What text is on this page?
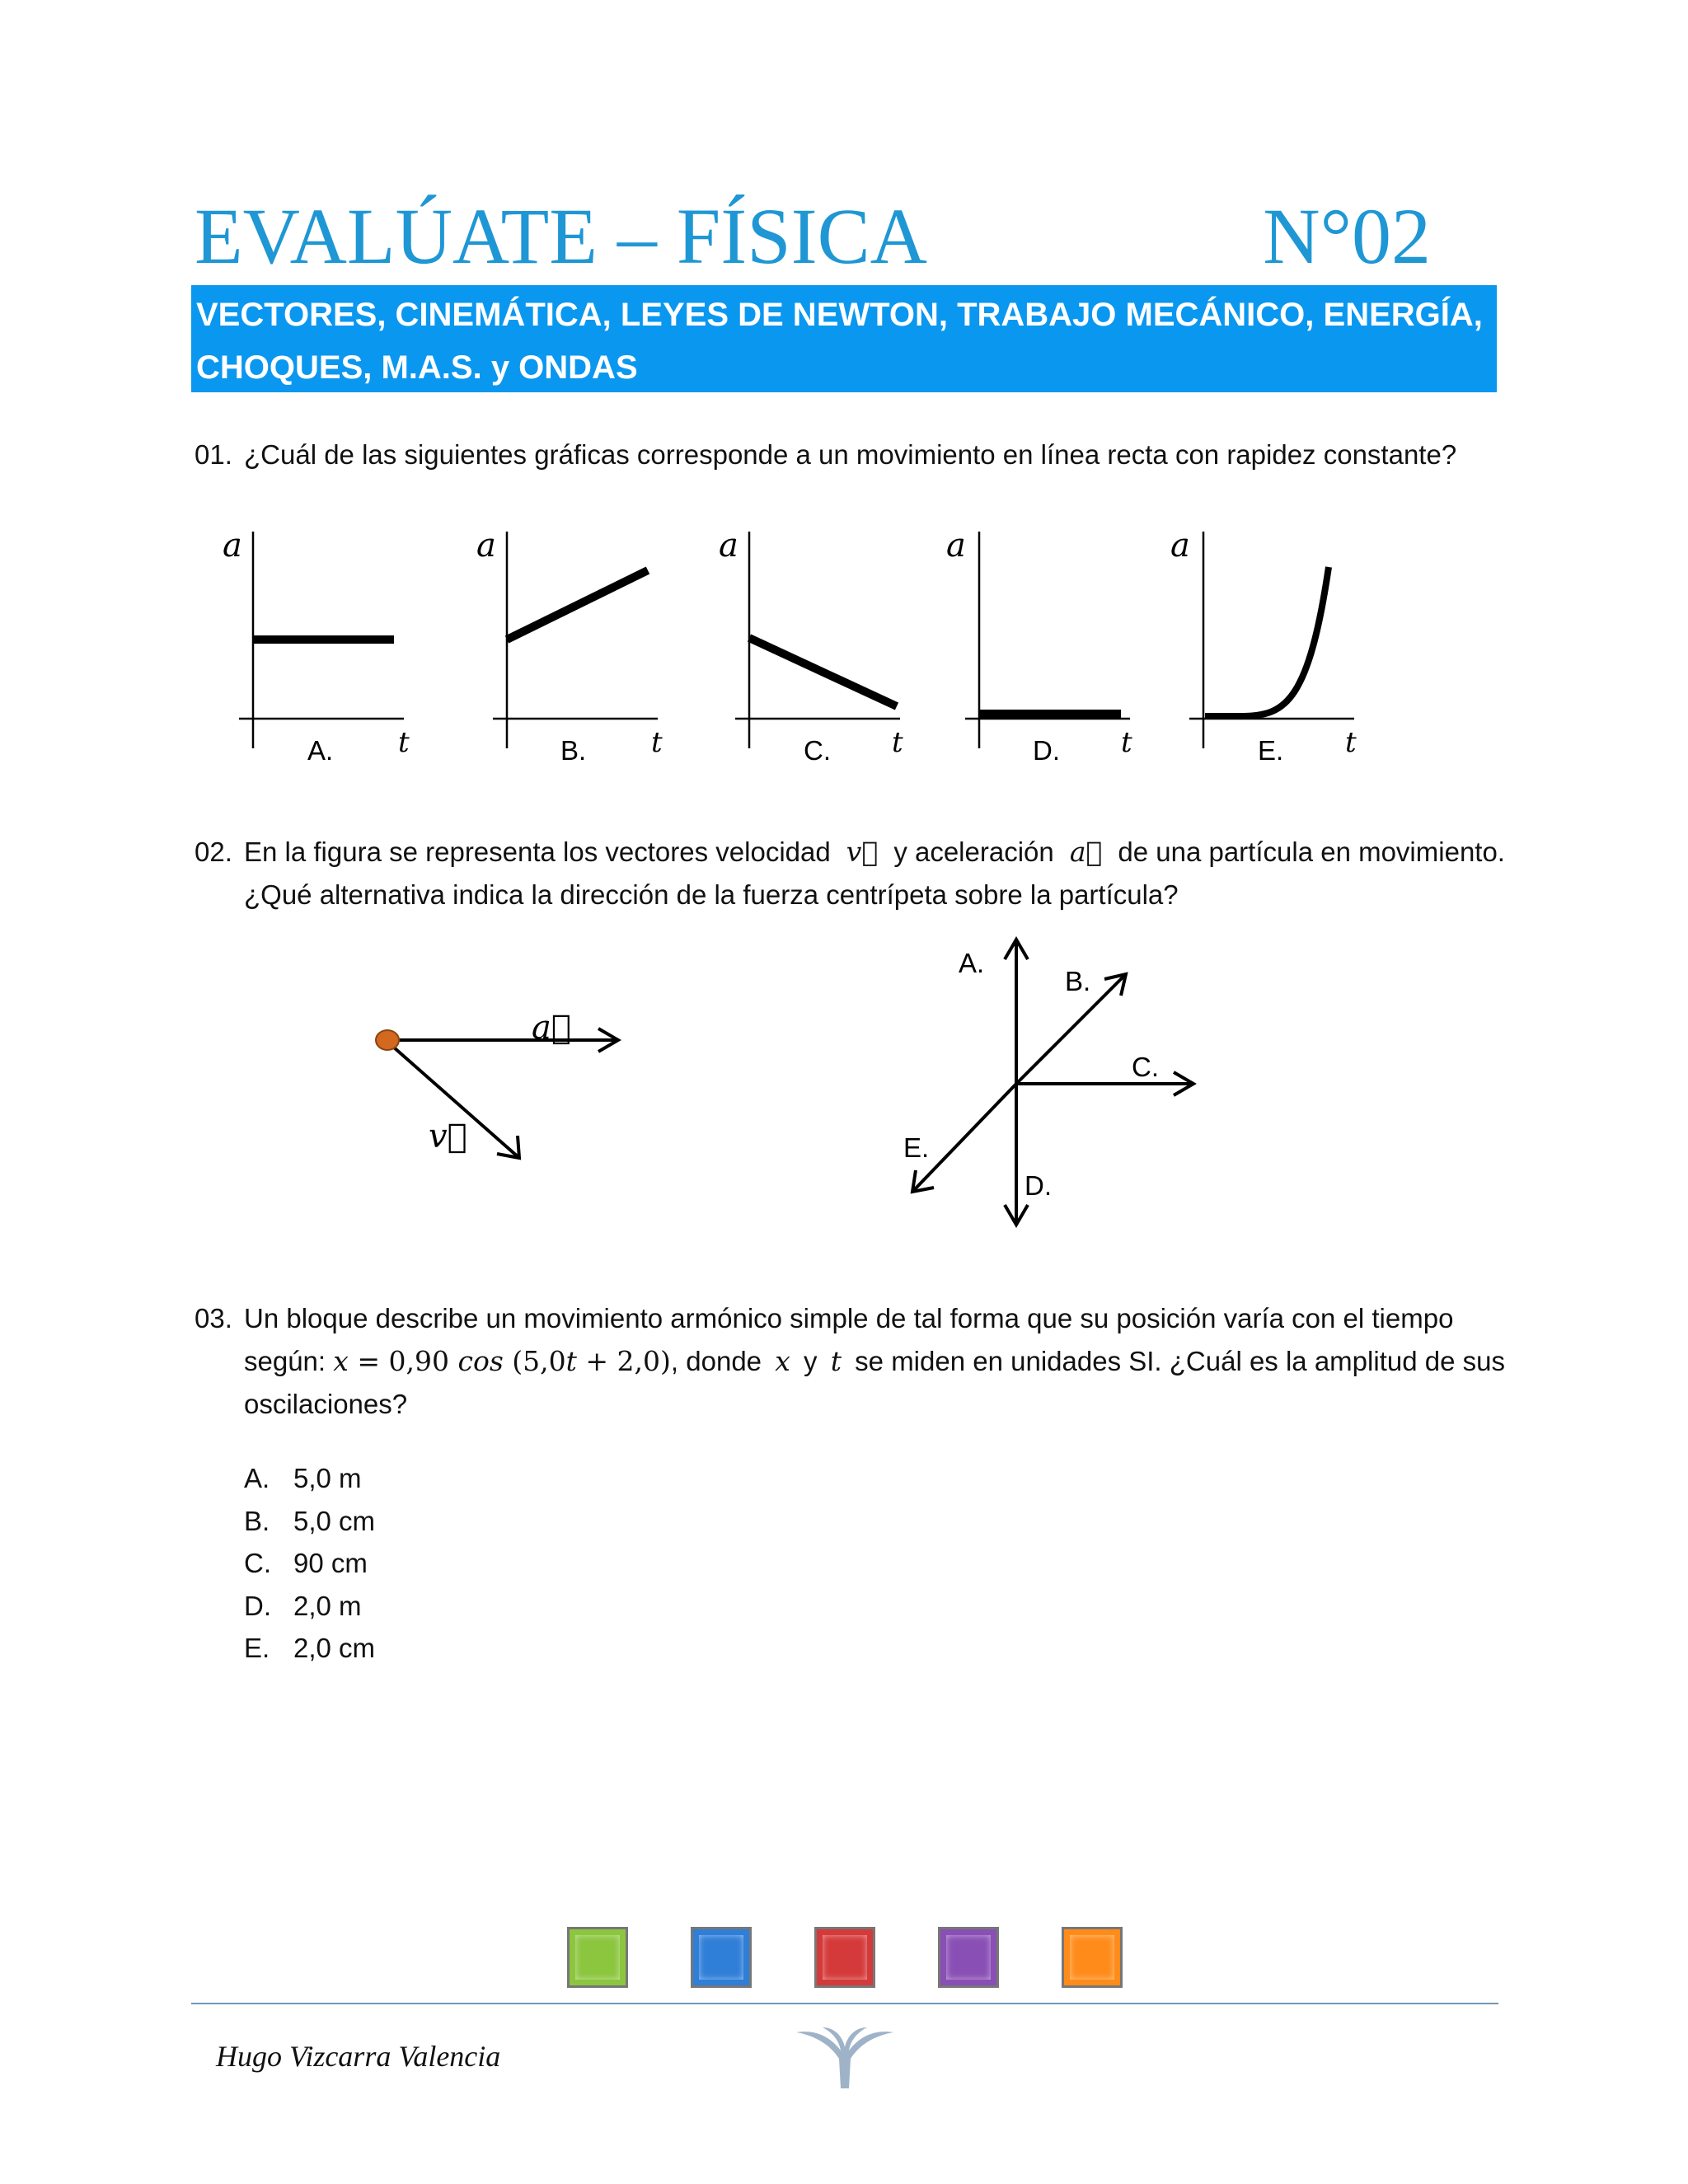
EVALÚATE – FÍSICA	N°02
VECTORES, CINEMÁTICA, LEYES DE NEWTON, TRABAJO MECÁNICO, ENERGÍA,
CHOQUES, M.A.S. y ONDAS
01. ¿Cuál de las siguientes gráficas corresponde a un movimiento en línea recta con rapidez constante?
a
t
A.
a
t
B.
a
t
C.
a
t
D.
a
t
E.
02. En la figura se representa los vectores velocidad v⃗ y aceleración a⃗ de una partícula en movimiento.
¿Qué alternativa indica la dirección de la fuerza centrípeta sobre la partícula?
a⃗
v⃗
A.
B.
C.
D.
E.
03. Un bloque describe un movimiento armónico simple de tal forma que su posición varía con el tiempo
según: x = 0,90 cos (5,0t + 2,0), donde x y t se miden en unidades SI. ¿Cuál es la amplitud de sus
oscilaciones?
A. 5,0 m
B. 5,0 cm
C. 90 cm
D. 2,0 m
E. 2,0 cm
Hugo Vizcarra Valencia
